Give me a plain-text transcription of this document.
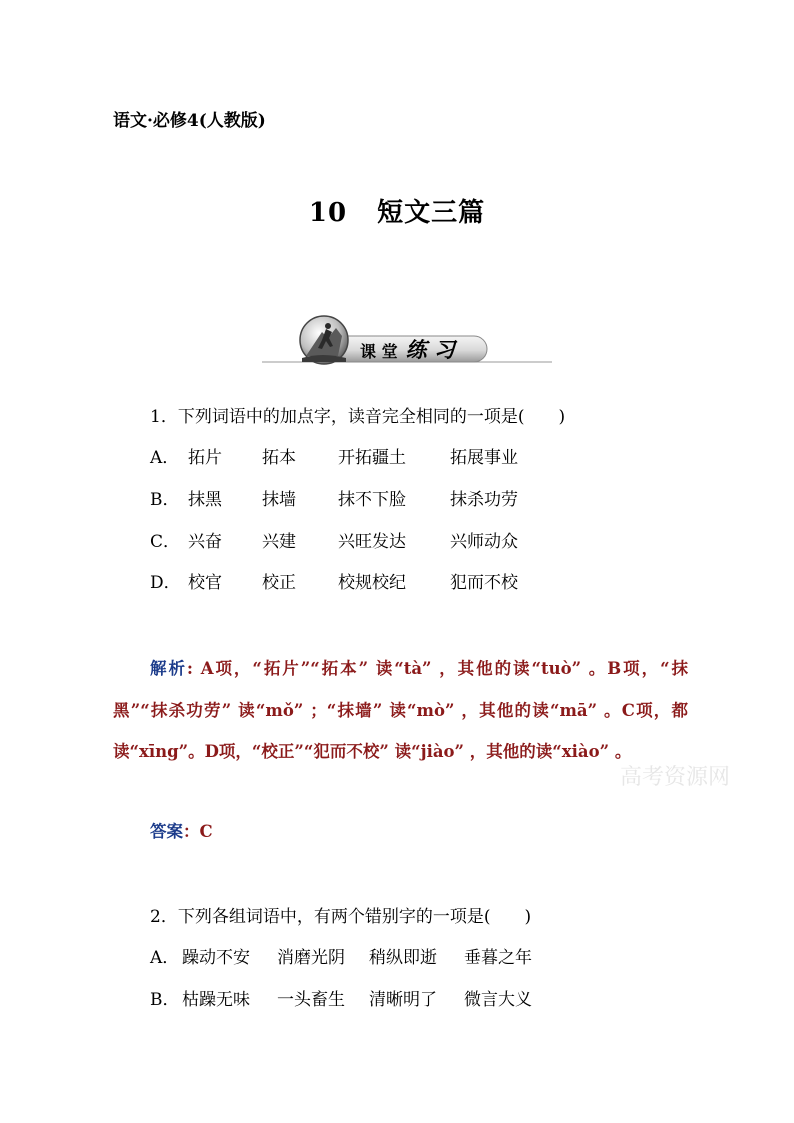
语文·必修4(人教版)
10 短文三篇
课 堂 练 习
1．下列词语中的加点字，读音完全相同的一项是(　　)
A． 拓片 拓本 开拓疆土	拓展事业
B． 抹黑 抹墙 抹不下脸	抹杀功劳
C． 兴奋 兴建 兴旺发达	兴师动众
D． 校官 校正 校规校纪	犯而不校
解析: A项，“拓片”“拓本” 读“tà” ，其他的读“tuò” 。B项，“抹黑”“抹杀功劳” 读“mǒ” ；“抹墙” 读“mò” ，其他的读“mā” 。C项，都读“xīng”。D项，“校正”“犯而不校” 读“jiào” ，其他的读“xiào” 。
答案：C
2．下列各组词语中，有两个错别字的一项是(　　)
A． 躁动不安 消磨光阴 稍纵即逝 垂暮之年
B． 枯躁无味 一头畜生 清晰明了 微言大义
高考资源网
